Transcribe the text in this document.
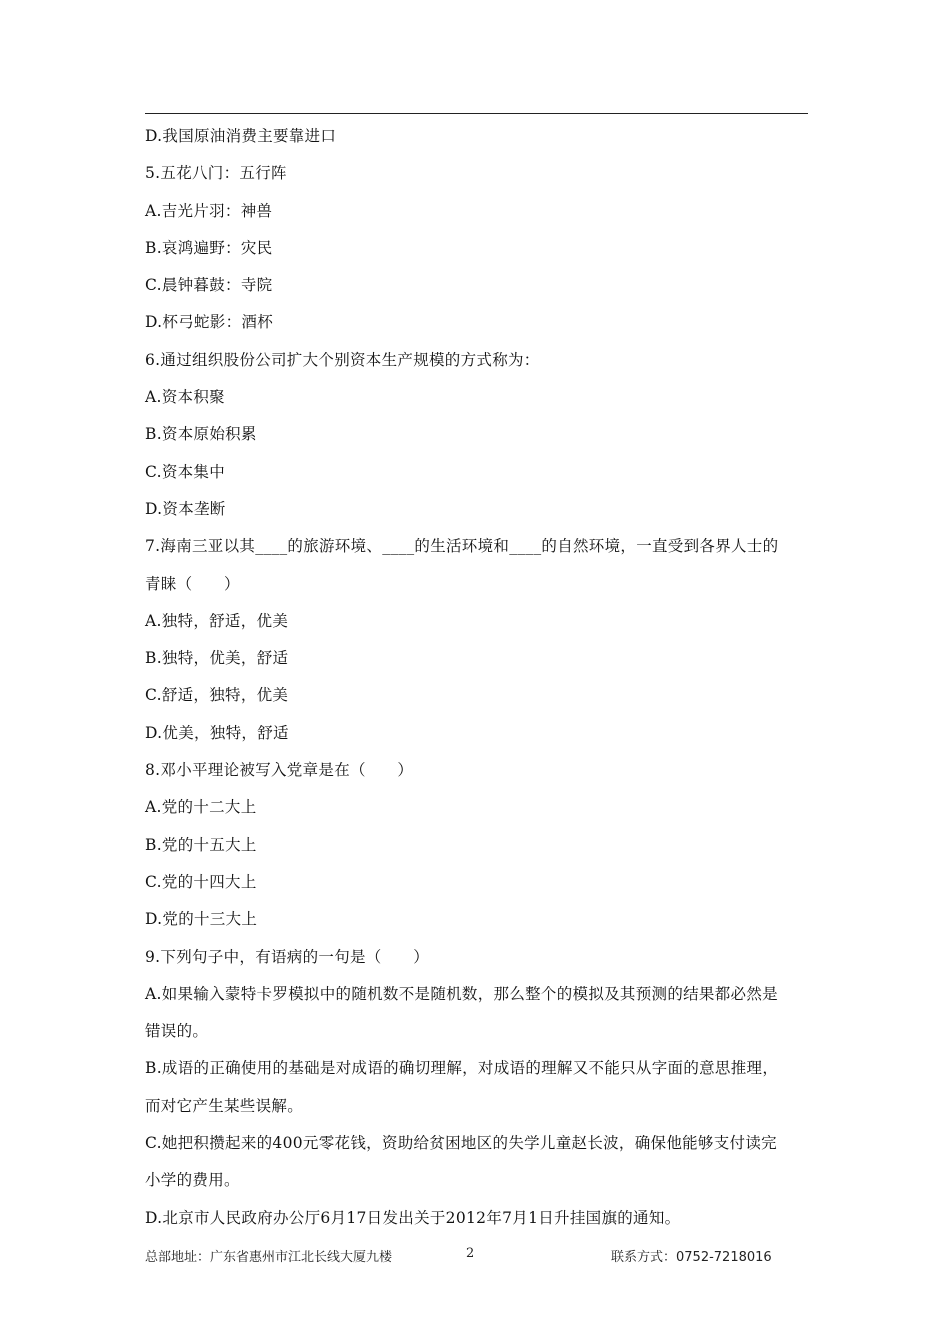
D.我国原油消费主要靠进口
5.五花八门：五行阵
A.吉光片羽：神兽
B.哀鸿遍野：灾民
C.晨钟暮鼓：寺院
D.杯弓蛇影：酒杯
6.通过组织股份公司扩大个别资本生产规模的方式称为：
A.资本积聚
B.资本原始积累
C.资本集中
D.资本垄断
7.海南三亚以其____的旅游环境、____的生活环境和____的自然环境，一直受到各界人士的
青睐（　　）
A.独特，舒适，优美
B.独特，优美，舒适
C.舒适，独特，优美
D.优美，独特，舒适
8.邓小平理论被写入党章是在（　　）
A.党的十二大上
B.党的十五大上
C.党的十四大上
D.党的十三大上
9.下列句子中，有语病的一句是（　　）
A.如果输入蒙特卡罗模拟中的随机数不是随机数，那么整个的模拟及其预测的结果都必然是
错误的。
B.成语的正确使用的基础是对成语的确切理解，对成语的理解又不能只从字面的意思推理，
而对它产生某些误解。
C.她把积攒起来的400元零花钱，资助给贫困地区的失学儿童赵长波，确保他能够支付读完
小学的费用。
D.北京市人民政府办公厅6月17日发出关于2012年7月1日升挂国旗的通知。
总部地址：广东省惠州市江北长线大厦九楼	2	联系方式：0752-7218016
